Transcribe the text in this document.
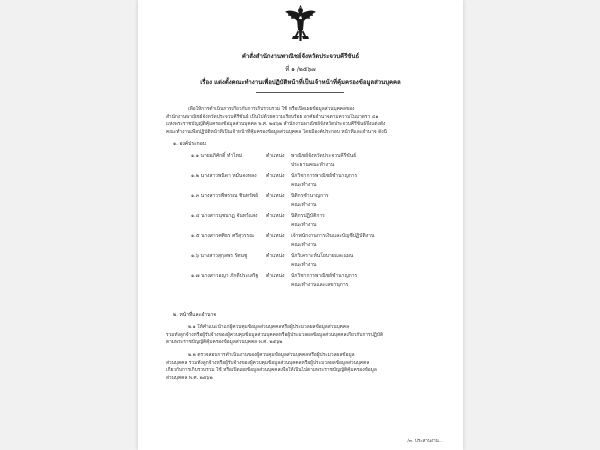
คำสั่งสำนักงานพาณิชย์จังหวัดประจวบคีรีขันธ์
ที่ ๑ /๒๕๖๗
เรื่อง แต่งตั้งคณะทำงานเพื่อปฏิบัติหน้าที่เป็นเจ้าหน้าที่คุ้มครองข้อมูลส่วนบุคคล
เพื่อให้การดำเนินการเกี่ยวกับการเก็บรวบรวม ใช้ หรือเปิดเผยข้อมูลส่วนบุคคลของ
สำนักงานพาณิชย์จังหวัดประจวบคีรีขันธ์ เป็นไปด้วยความเรียบร้อย อาศัยอำนาจตามความในมาตรา ๔๑
แห่งพระราชบัญญัติคุ้มครองข้อมูลส่วนบุคคล พ.ศ. ๒๕๖๒ สำนักงานพาณิชย์จังหวัดประจวบคีรีขันธ์จึงแต่งตั้ง
คณะทำงานเพื่อปฏิบัติหน้าที่เป็นเจ้าหน้าที่คุ้มครองข้อมูลส่วนบุคคล โดยมีองค์ประกอบ หน้าที่และอำนาจ ดังนี้
๑. องค์ประกอบ
๑.๑ นายอภิศักดิ์ ทำไหม่	ตำแหน่ง พาณิชย์จังหวัดประจวบคีรีขันธ์
ประธานคณะทำงาน
๑.๒ นางสาวพนิดา หมั่นจงหลง ตำแหน่ง นักวิชาการพาณิชย์ชำนาญการ
คณะทำงาน
๑.๓ นางสาวรพีพรรณ ชินทรัพย์ ตำแหน่ง นิติกรชำนาญการ
คณะทำงาน
๑.๔ นางสาวนุชนาฏ จันทร์แสง ตำแหน่ง นิติกรปฏิบัติการ
คณะทำงาน
๑.๕ นางสาวศศิธร ศรีสุวรรณ ตำแหน่ง เจ้าพนักงานการเงินและบัญชีปฏิบัติงาน
คณะทำงาน
๑.๖ นางสาวสุกุลพร รัตนชู	ตำแหน่ง นักวิเคราะห์นโยบายและแผน
คณะทำงาน
๑.๗ นางสาวอญา ภักดีประเสริฐ ตำแหน่ง นักวิชาการพาณิชย์ชำนาญการ
คณะทำงานและเลขานุการ
๒. หน้าที่และอำนาจ
๒.๑ ให้คำแนะนำแก่ผู้ควบคุมข้อมูลส่วนบุคคลหรือผู้ประมวลผลข้อมูลส่วนบุคคล
รวมทั้งลูกจ้างหรือผู้รับจ้างของผู้ควบคุมข้อมูลส่วนบุคคลหรือผู้ประมวลผลข้อมูลส่วนบุคคลเกี่ยวกับการปฏิบัติ
ตามพระราชบัญญัติคุ้มครองข้อมูลส่วนบุคคล พ.ศ. ๒๕๖๒
๒.๒ ตรวจสอบการดำเนินงานของผู้ควบคุมข้อมูลส่วนบุคคลหรือผู้ประมวลผลข้อมูล
ส่วนบุคคล รวมทั้งลูกจ้างหรือผู้รับจ้างของผู้ควบคุมข้อมูลส่วนบุคคลหรือผู้ประมวลผลข้อมูลส่วนบุคคล
เกี่ยวกับการเก็บรวบรวม ใช้ หรือเปิดเผยข้อมูลส่วนบุคคลเพื่อให้เป็นไปตามพระราชบัญญัติคุ้มครองข้อมูล
ส่วนบุคคล พ.ศ. ๒๕๖๒
/๓. ประสานงาน...
